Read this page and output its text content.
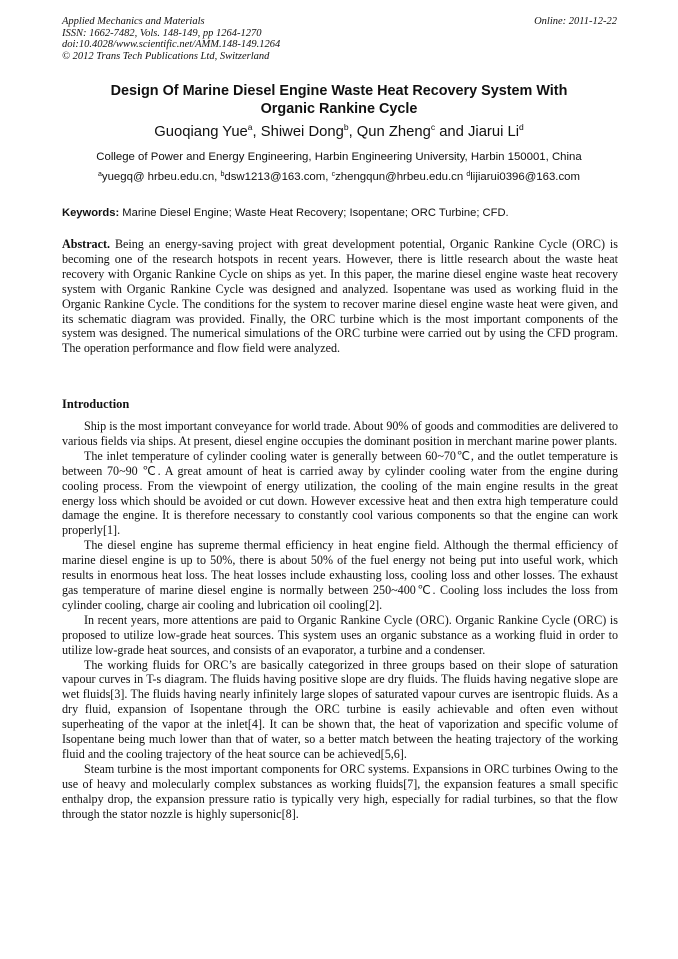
Applied Mechanics and Materials
ISSN: 1662-7482, Vols. 148-149, pp 1264-1270
doi:10.4028/www.scientific.net/AMM.148-149.1264
© 2012 Trans Tech Publications Ltd, Switzerland
Online: 2011-12-22
Design Of Marine Diesel Engine Waste Heat Recovery System With
Organic Rankine Cycle
Guoqiang Yue$^a$, Shiwei Dong$^b$, Qun Zheng$^c$ and Jiarui Li$^d$
College of Power and Energy Engineering, Harbin Engineering University, Harbin 150001, China
$^a$yuegq@ hrbeu.edu.cn, $^b$dsw1213@163.com, $^c$zhengqun@hrbeu.edu.cn $^d$lijiarui0396@163.com
Keywords: Marine Diesel Engine; Waste Heat Recovery; Isopentane; ORC Turbine; CFD.
Abstract. Being an energy-saving project with great development potential, Organic Rankine Cycle (ORC) is becoming one of the research hotspots in recent years. However, there is little research about the waste heat recovery with Organic Rankine Cycle on ships as yet. In this paper, the marine diesel engine waste heat recovery system with Organic Rankine Cycle was designed and analyzed. Isopentane was used as working fluid in the Organic Rankine Cycle. The conditions for the system to recover marine diesel engine waste heat were given, and its schematic diagram was provided. Finally, the ORC turbine which is the most important components of the system was designed. The numerical simulations of the ORC turbine were carried out by using the CFD program. The operation performance and flow field were analyzed.
Introduction

Ship is the most important conveyance for world trade. About 90% of goods and commodities are delivered to various fields via ships. At present, diesel engine occupies the dominant position in merchant marine power plants.

The inlet temperature of cylinder cooling water is generally between 60~70℃, and the outlet temperature is between 70~90 ℃. A great amount of heat is carried away by cylinder cooling water from the engine during cooling process. From the viewpoint of energy utilization, the cooling of the main engine results in the great energy loss which should be avoided or cut down. However excessive heat and then extra high temperature could damage the engine. It is therefore necessary to constantly cool various components so that the engine can work properly[1].

The diesel engine has supreme thermal efficiency in heat engine field. Although the thermal efficiency of marine diesel engine is up to 50%, there is about 50% of the fuel energy not being put into useful work, which results in enormous heat loss. The heat losses include exhausting loss, cooling loss and other losses. The exhaust gas temperature of marine diesel engine is normally between 250~400℃. Cooling loss includes the loss from cylinder cooling, charge air cooling and lubrication oil cooling[2].

In recent years, more attentions are paid to Organic Rankine Cycle (ORC). Organic Rankine Cycle (ORC) is proposed to utilize low-grade heat sources. This system uses an organic substance as a working fluid in order to utilize low-grade heat sources, and consists of an evaporator, a turbine and a condenser.

The working fluids for ORC’s are basically categorized in three groups based on their slope of saturation vapour curves in T-s diagram. The fluids having positive slope are dry fluids. The fluids having negative slope are wet fluids[3]. The fluids having nearly infinitely large slopes of saturated vapour curves are isentropic fluids. As a dry fluid, expansion of Isopentane through the ORC turbine is easily achievable and often even without superheating of the vapor at the inlet[4]. It can be shown that, the heat of vaporization and specific volume of Isopentane being much lower than that of water, so a better match between the heating trajectory of the working fluid and the cooling trajectory of the heat source can be achieved[5,6].

Steam turbine is the most important components for ORC systems. Expansions in ORC turbines Owing to the use of heavy and molecularly complex substances as working fluids[7], the expansion features a small specific enthalpy drop, the expansion pressure ratio is typically very high, especially for radial turbines, so that the flow through the stator nozzle is highly supersonic[8].
